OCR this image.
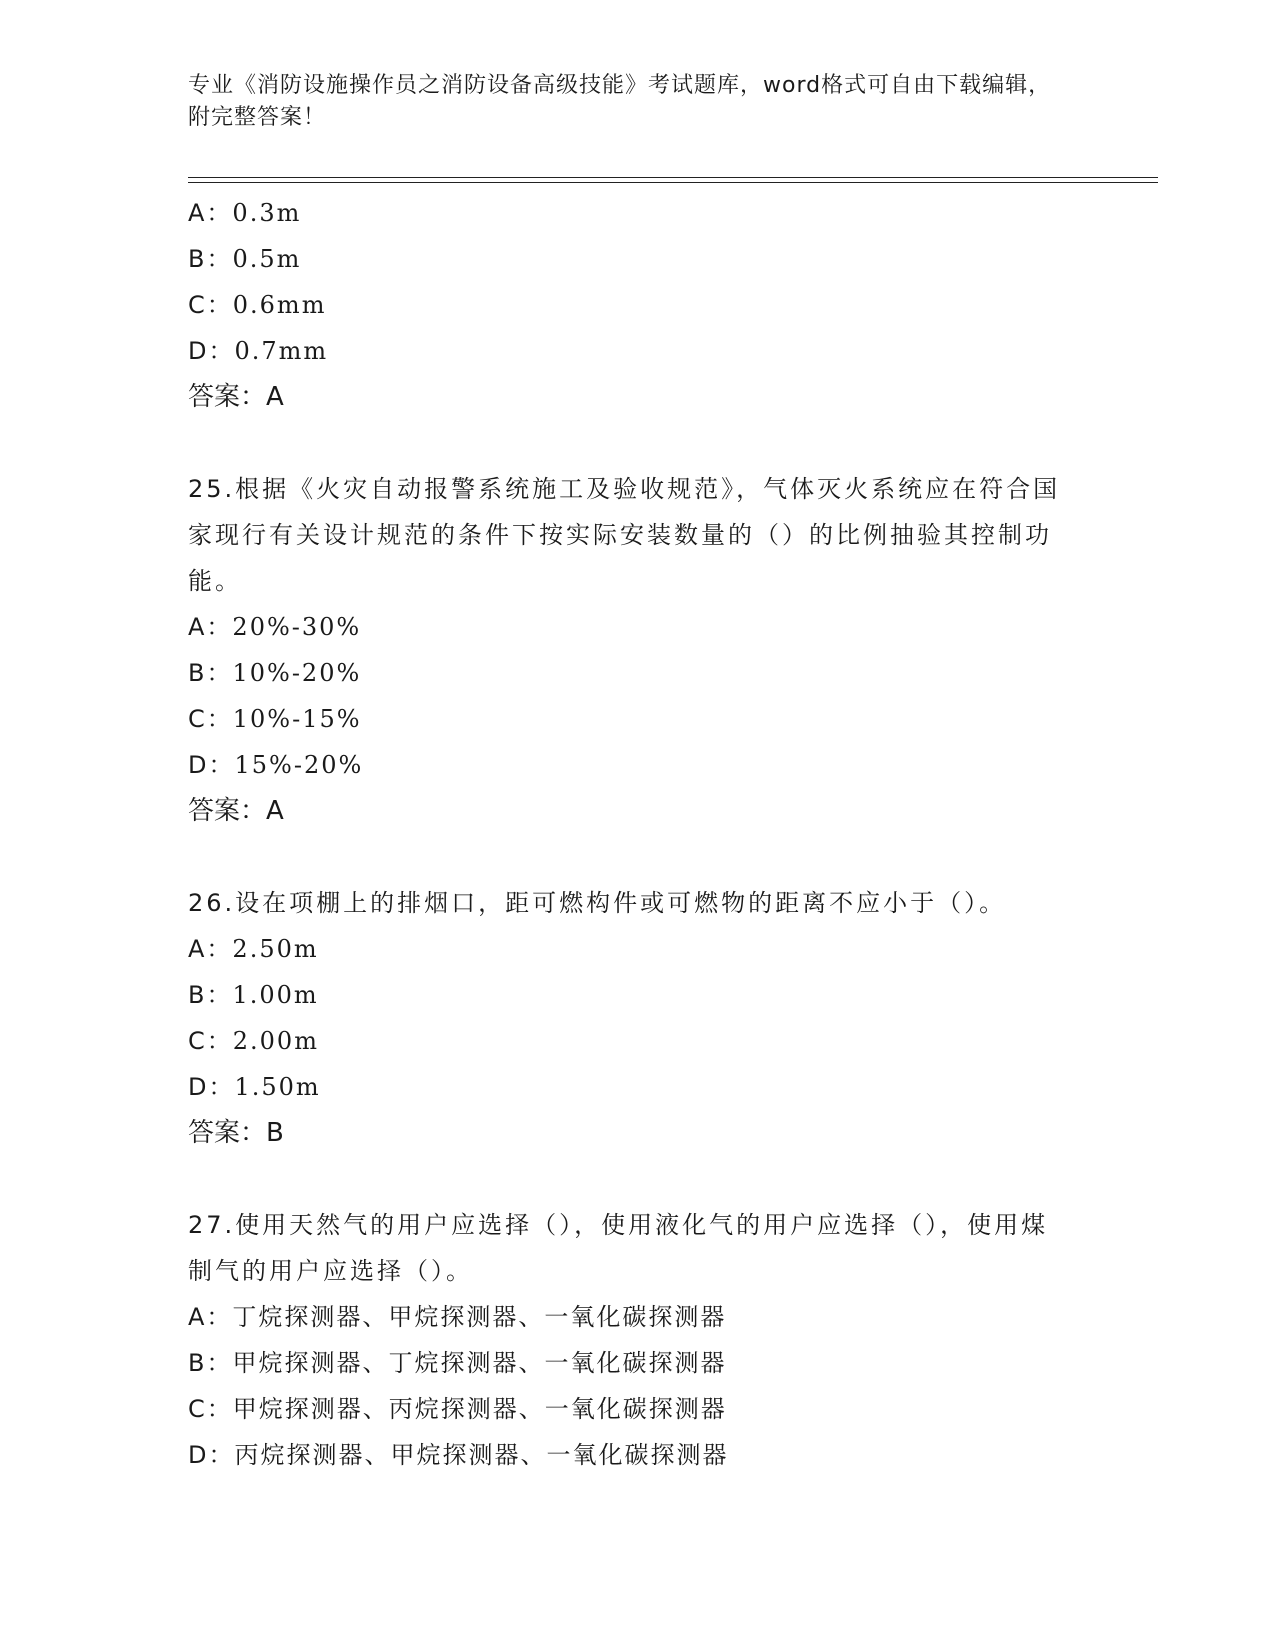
专业《消防设施操作员之消防设备高级技能》考试题库，word格式可自由下载编辑，附完整答案！

A：0.3m

B：0.5m

C：0.6mm

D：0.7mm

答案：A

25.根据《火灾自动报警系统施工及验收规范》，气体灭火系统应在符合国家现行有关设计规范的条件下按实际安装数量的（）的比例抽验其控制功能。

A：20%-30%

B：10%-20%

C：10%-15%

D：15%-20%

答案：A

26.设在项棚上的排烟口，距可燃构件或可燃物的距离不应小于（）。

A：2.50m

B：1.00m

C：2.00m

D：1.50m

答案：B

27.使用天然气的用户应选择（），使用液化气的用户应选择（），使用煤制气的用户应选择（）。

A：丁烷探测器、甲烷探测器、一氧化碳探测器

B：甲烷探测器、丁烷探测器、一氧化碳探测器

C：甲烷探测器、丙烷探测器、一氧化碳探测器

D：丙烷探测器、甲烷探测器、一氧化碳探测器
